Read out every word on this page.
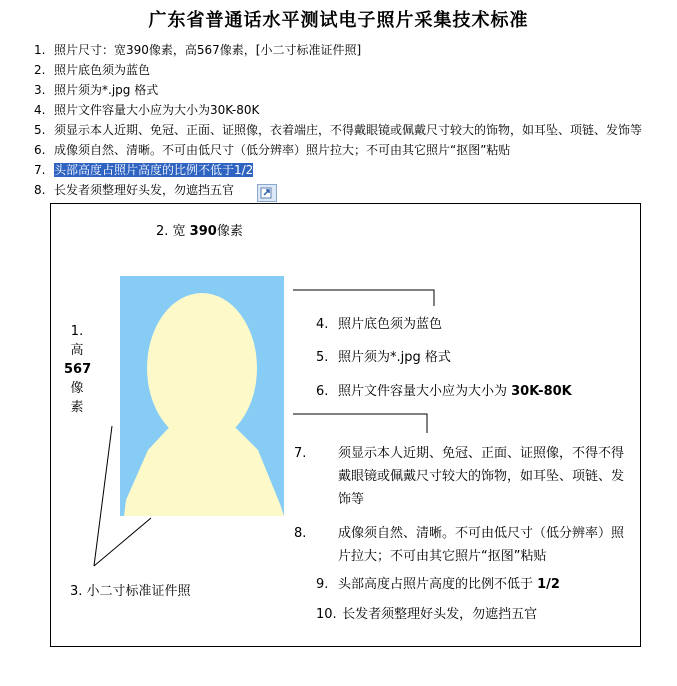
广东省普通话水平测试电子照片采集技术标准
1. 照片尺寸：宽390像素，高567像素，[小二寸标准证件照]
2. 照片底色须为蓝色
3. 照片须为*.jpg 格式
4. 照片文件容量大小应为大小为30K-80K
5. 须显示本人近期、免冠、正面、证照像，衣着端庄，不得戴眼镜或佩戴尺寸较大的饰物，如耳坠、项链、发饰等
6. 成像须自然、清晰。不可由低尺寸（低分辨率）照片拉大；不可由其它照片“抠图”粘贴
7. 头部高度占照片高度的比例不低于1/2
8. 长发者须整理好头发，勿遮挡五官
2. 宽 390像素
1.
高
567
像
素
3. 小二寸标准证件照
4. 照片底色须为蓝色
5. 照片须为*.jpg 格式
6. 照片文件容量大小应为大小为 30K-80K
7. 须显示本人近期、免冠、正面、证照像，不得不得戴眼镜或佩戴尺寸较大的饰物，如耳坠、项链、发饰等
8. 成像须自然、清晰。不可由低尺寸（低分辨率）照片拉大；不可由其它照片“抠图”粘贴
9. 头部高度占照片高度的比例不低于 1/2
10. 长发者须整理好头发，勿遮挡五官
